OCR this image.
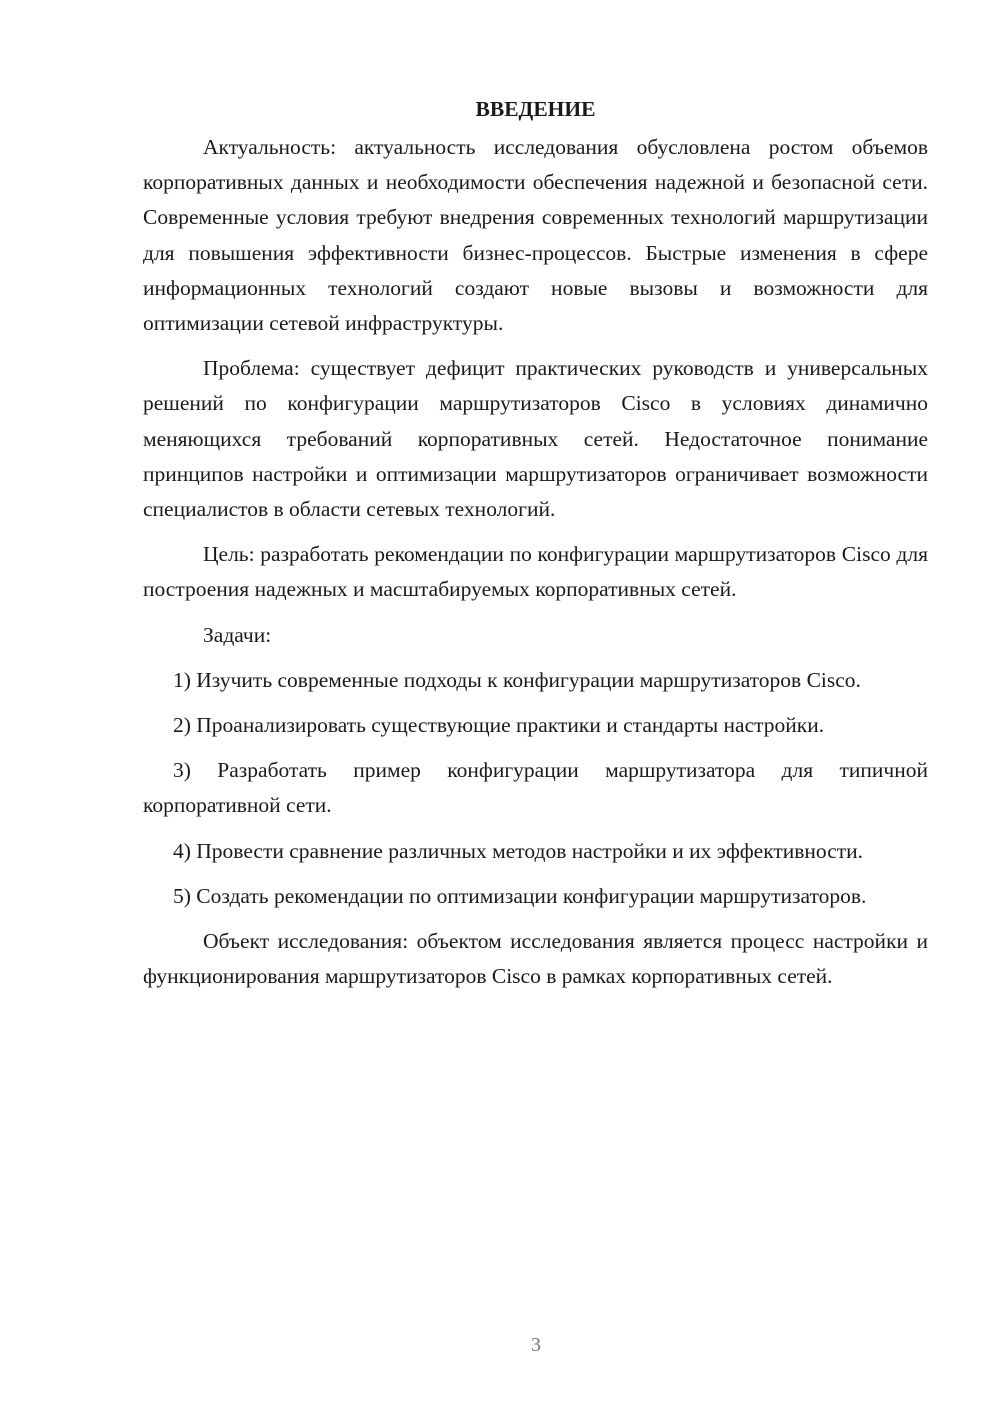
ВВЕДЕНИЕ

Актуальность: актуальность исследования обусловлена ростом объемов корпоративных данных и необходимости обеспечения надежной и безопасной сети. Современные условия требуют внедрения современных технологий маршрутизации для повышения эффективности бизнес-процессов. Быстрые изменения в сфере информационных технологий создают новые вызовы и возможности для оптимизации сетевой инфраструктуры.

Проблема: существует дефицит практических руководств и универсальных решений по конфигурации маршрутизаторов Cisco в условиях динамично меняющихся требований корпоративных сетей. Недостаточное понимание принципов настройки и оптимизации маршрутизаторов ограничивает возможности специалистов в области сетевых технологий.

Цель: разработать рекомендации по конфигурации маршрутизаторов Cisco для построения надежных и масштабируемых корпоративных сетей.

Задачи:

1) Изучить современные подходы к конфигурации маршрутизаторов Cisco.

2) Проанализировать существующие практики и стандарты настройки.

3) Разработать пример конфигурации маршрутизатора для типичной корпоративной сети.

4) Провести сравнение различных методов настройки и их эффективности.

5) Создать рекомендации по оптимизации конфигурации маршрутизаторов.

Объект исследования: объектом исследования является процесс настройки и функционирования маршрутизаторов Cisco в рамках корпоративных сетей.

3
